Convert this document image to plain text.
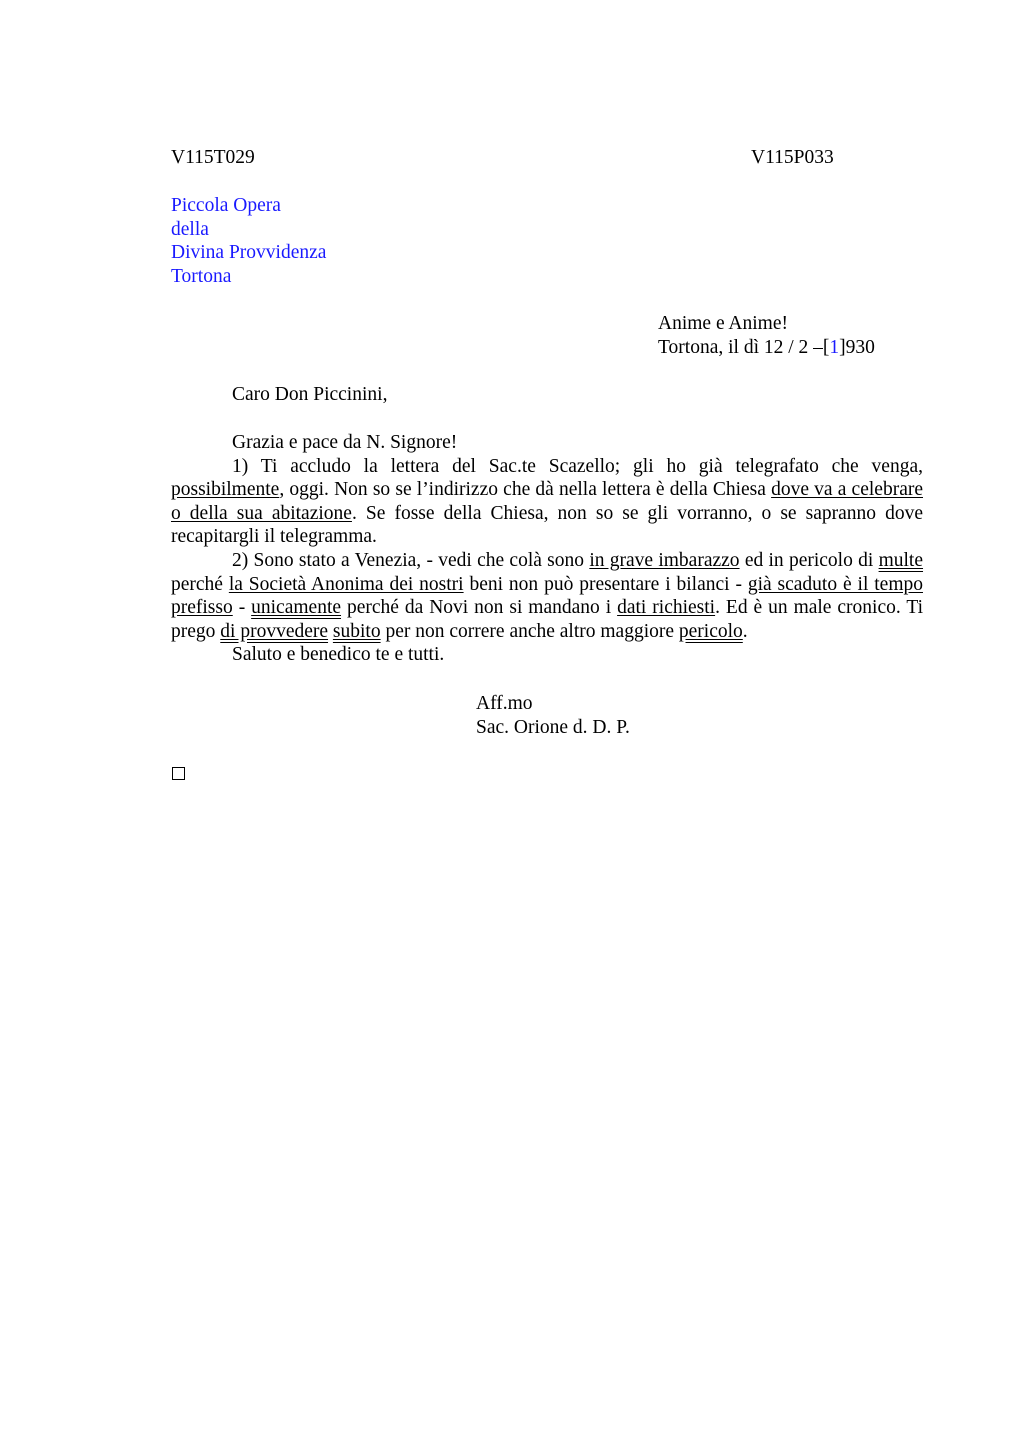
V115T029	V115P033
Piccola Opera
della
Divina Provvidenza
Tortona
Anime e Anime!
Tortona, il dì 12 / 2 –[1]930
Caro Don Piccinini,

Grazia e pace da N. Signore!

1) Ti accludo la lettera del Sac.te Scazello; gli ho già telegrafato che venga, possibilmente, oggi. Non so se l’indirizzo che dà nella lettera è della Chiesa dove va a celebrare o della sua abitazione. Se fosse della Chiesa, non so se gli vorranno, o se sapranno dove recapitargli il telegramma.

2) Sono stato a Venezia, - vedi che colà sono in grave imbarazzo ed in pericolo di multe perché la Società Anonima dei nostri beni non può presentare i bilanci - già scaduto è il tempo prefisso - unicamente perché da Novi non si mandano i dati richiesti. Ed è un male cronico. Ti prego di provvedere subito per non correre anche altro maggiore pericolo.

Saluto e benedico te e tutti.

Aff.mo
Sac. Orione d. D. P.
